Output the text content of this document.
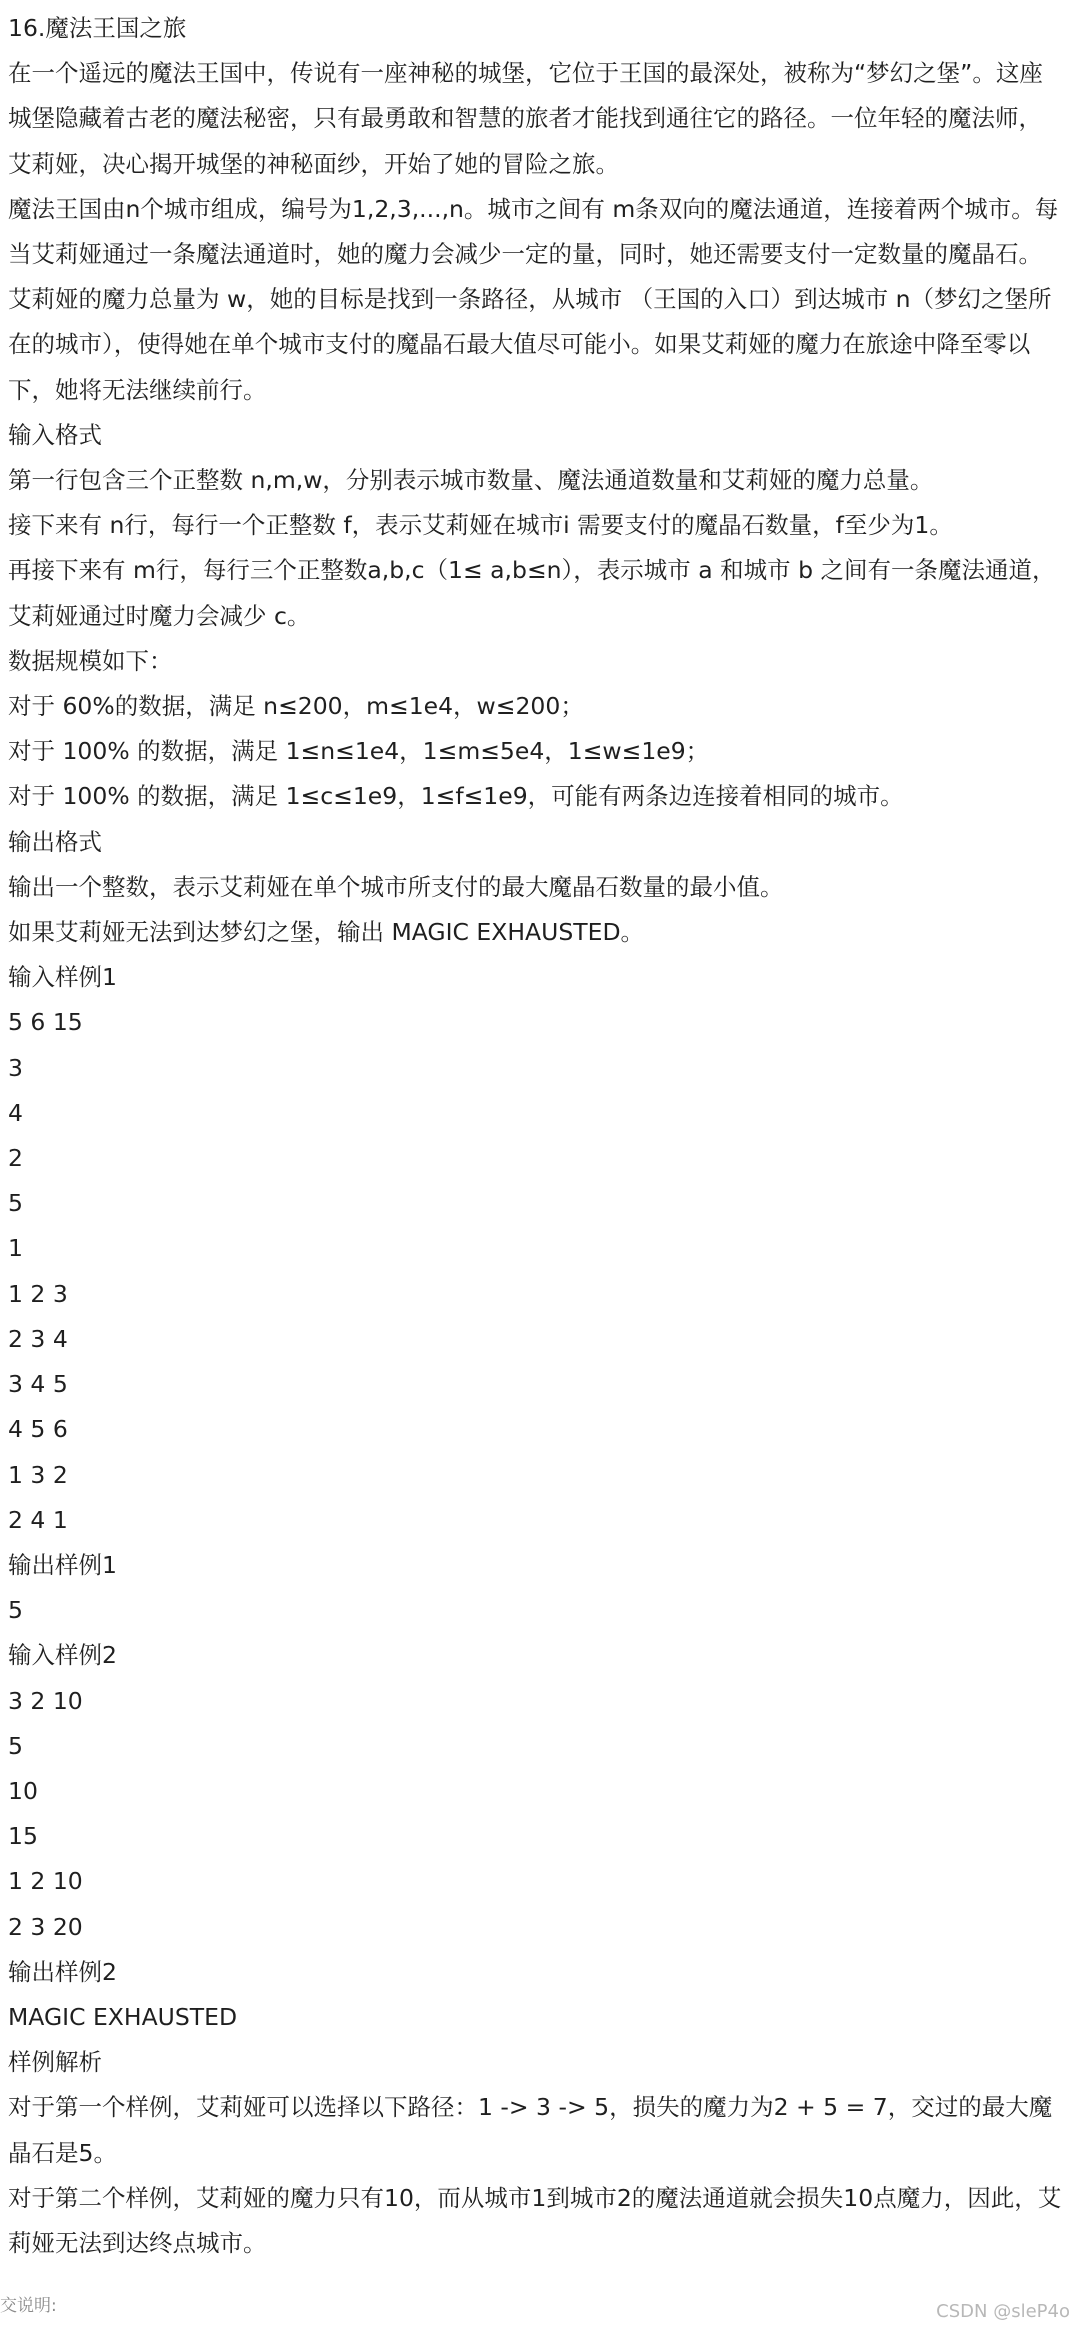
16.魔法王国之旅

在一个遥远的魔法王国中，传说有一座神秘的城堡，它位于王国的最深处，被称为“梦幻之堡”。这座城堡隐藏着古老的魔法秘密，只有最勇敢和智慧的旅者才能找到通往它的路径。一位年轻的魔法师，艾莉娅，决心揭开城堡的神秘面纱，开始了她的冒险之旅。

魔法王国由n个城市组成，编号为1,2,3,...,n。城市之间有 m条双向的魔法通道，连接着两个城市。每当艾莉娅通过一条魔法通道时，她的魔力会减少一定的量，同时，她还需要支付一定数量的魔晶石。

艾莉娅的魔力总量为 w，她的目标是找到一条路径，从城市 （王国的入口）到达城市 n（梦幻之堡所在的城市），使得她在单个城市支付的魔晶石最大值尽可能小。如果艾莉娅的魔力在旅途中降至零以下，她将无法继续前行。

输入格式

第一行包含三个正整数 n,m,w，分别表示城市数量、魔法通道数量和艾莉娅的魔力总量。

接下来有 n行，每行一个正整数 f，表示艾莉娅在城市i 需要支付的魔晶石数量，f至少为1。

再接下来有 m行，每行三个正整数a,b,c（1≤ a,b≤n），表示城市 a 和城市 b 之间有一条魔法通道，艾莉娅通过时魔力会减少 c。

数据规模如下：

对于 60%的数据，满足 n≤200，m≤1e4，w≤200；

对于 100% 的数据，满足 1≤n≤1e4，1≤m≤5e4，1≤w≤1e9；

对于 100% 的数据，满足 1≤c≤1e9，1≤f≤1e9，可能有两条边连接着相同的城市。

输出格式

输出一个整数，表示艾莉娅在单个城市所支付的最大魔晶石数量的最小值。

如果艾莉娅无法到达梦幻之堡，输出 MAGIC EXHAUSTED。

输入样例1

5 6 15

3

4

2

5

1

1 2 3

2 3 4

3 4 5

4 5 6

1 3 2

2 4 1

输出样例1

5

输入样例2

3 2 10

5

10

15

1 2 10

2 3 20

输出样例2

MAGIC EXHAUSTED

样例解析

对于第一个样例，艾莉娅可以选择以下路径：1 -> 3 -> 5，损失的魔力为2 + 5 = 7，交过的最大魔晶石是5。

对于第二个样例，艾莉娅的魔力只有10，而从城市1到城市2的魔法通道就会损失10点魔力，因此，艾莉娅无法到达终点城市。

交说明:	CSDN @sleP4o
